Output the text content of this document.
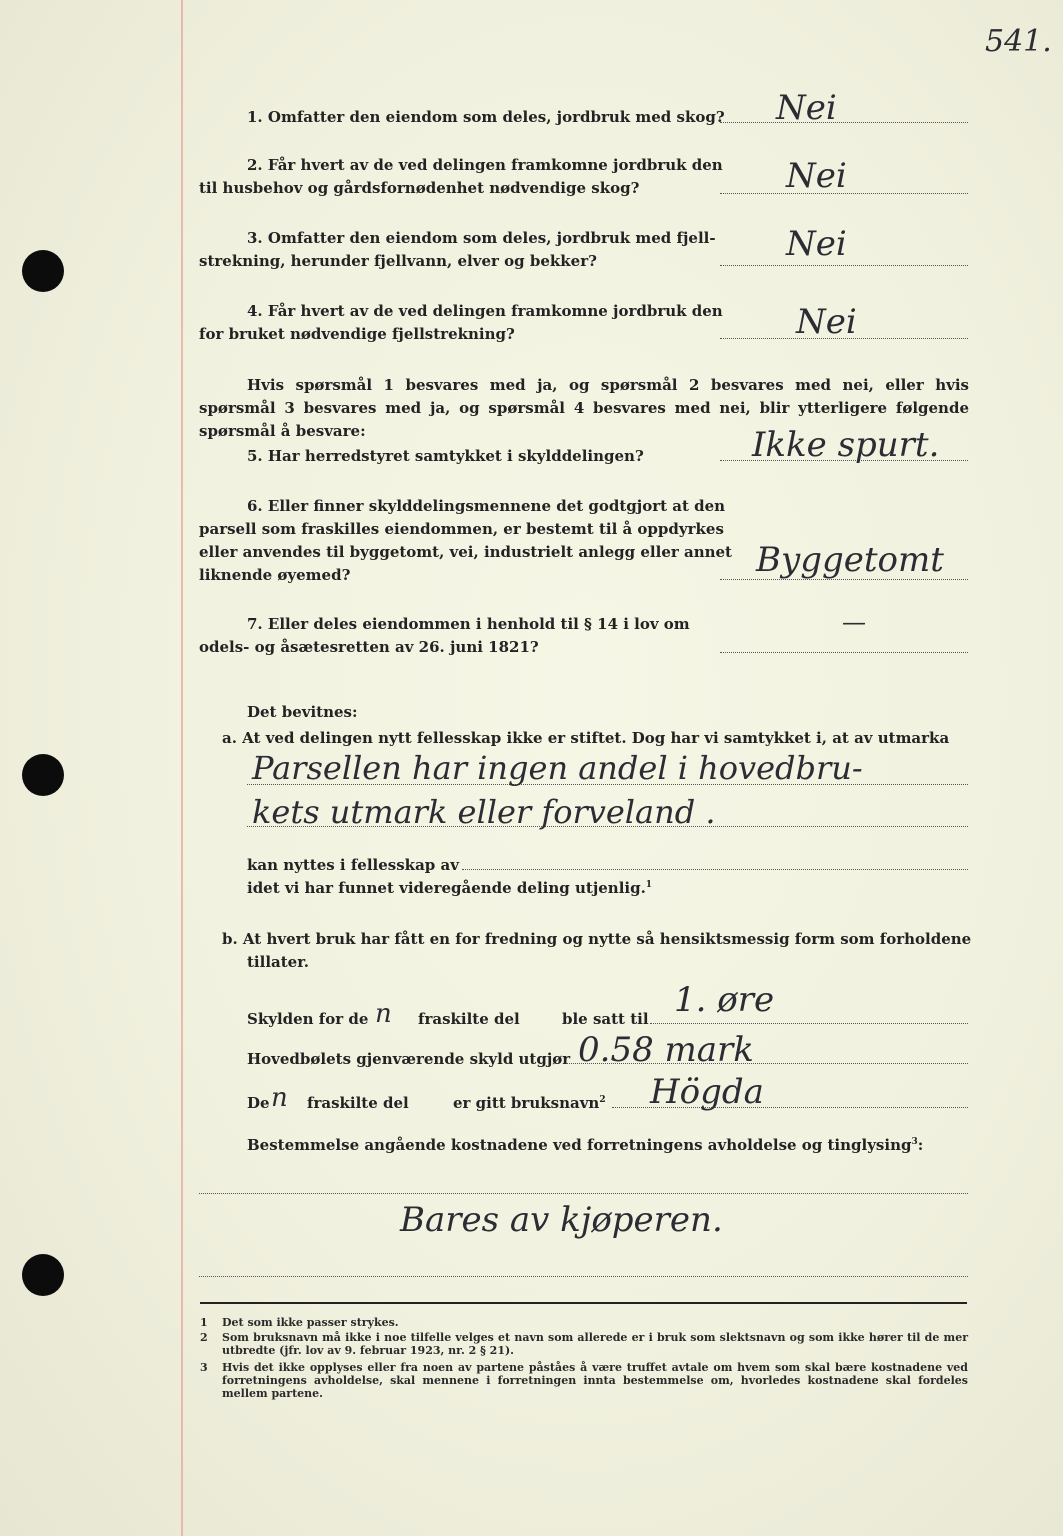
541.
1. Omfatter den eiendom som deles, jordbruk med skog? Nei
2. Får hvert av de ved delingen framkomne jordbruk den
til husbehov og gårdsfornødenhet nødvendige skog?	Nei
3. Omfatter den eiendom som deles, jordbruk med fjell-
strekning, herunder fjellvann, elver og bekker?	Nei
4. Får hvert av de ved delingen framkomne jordbruk den
for bruket nødvendige fjellstrekning?	Nei
Hvis spørsmål 1 besvares med ja, og spørsmål 2 besvares med nei, eller hvis spørsmål 3 besvares med ja, og spørsmål 4 besvares med nei, blir ytterligere følgende spørsmål å besvare:
5. Har herredstyret samtykket i skylddelingen?	Ikke spurt.
6. Eller finner skylddelingsmennene det godtgjort at den
parsell som fraskilles eiendommen, er bestemt til å oppdyrkes
eller anvendes til byggetomt, vei, industrielt anlegg eller annet
liknende øyemed?	Byggetomt
7. Eller deles eiendommen i henhold til § 14 i lov om
odels- og åsætesretten av 26. juni 1821?
—
Det bevitnes:
a. At ved delingen nytt fellesskap ikke er stiftet. Dog har vi samtykket i, at av utmarka
Parsellen har ingen andel i hovedbru-
kets utmark eller forveland .
kan nyttes i fellesskap av
idet vi har funnet videregående deling utjenlig.$^1$
b. At hvert bruk har fått en for fredning og nytte så hensiktsmessig form som forholdene
tillater.
Skylden for de n fraskilte del	ble satt til 1. øre
Hovedbølets gjenværende skyld utgjør 0.58 mark
De n fraskilte del	er gitt bruksnavn$^2$ Högda
Bestemmelse angående kostnadene ved forretningens avholdelse og tinglysing$^3$:
Bares av kjøperen.
1 Det som ikke passer strykes.
2	Som bruksnavn må ikke i noe tilfelle velges et navn som allerede er i bruk som slektsnavn og som ikke hører til de mer utbredte (jfr. lov av 9. februar 1923, nr. 2 § 21).
3	Hvis det ikke opplyses eller fra noen av partene påståes å være truffet avtale om hvem som skal bære kostnadene ved forretningens avholdelse, skal mennene i forretningen innta bestemmelse om, hvorledes kostnadene skal fordeles mellem partene.
